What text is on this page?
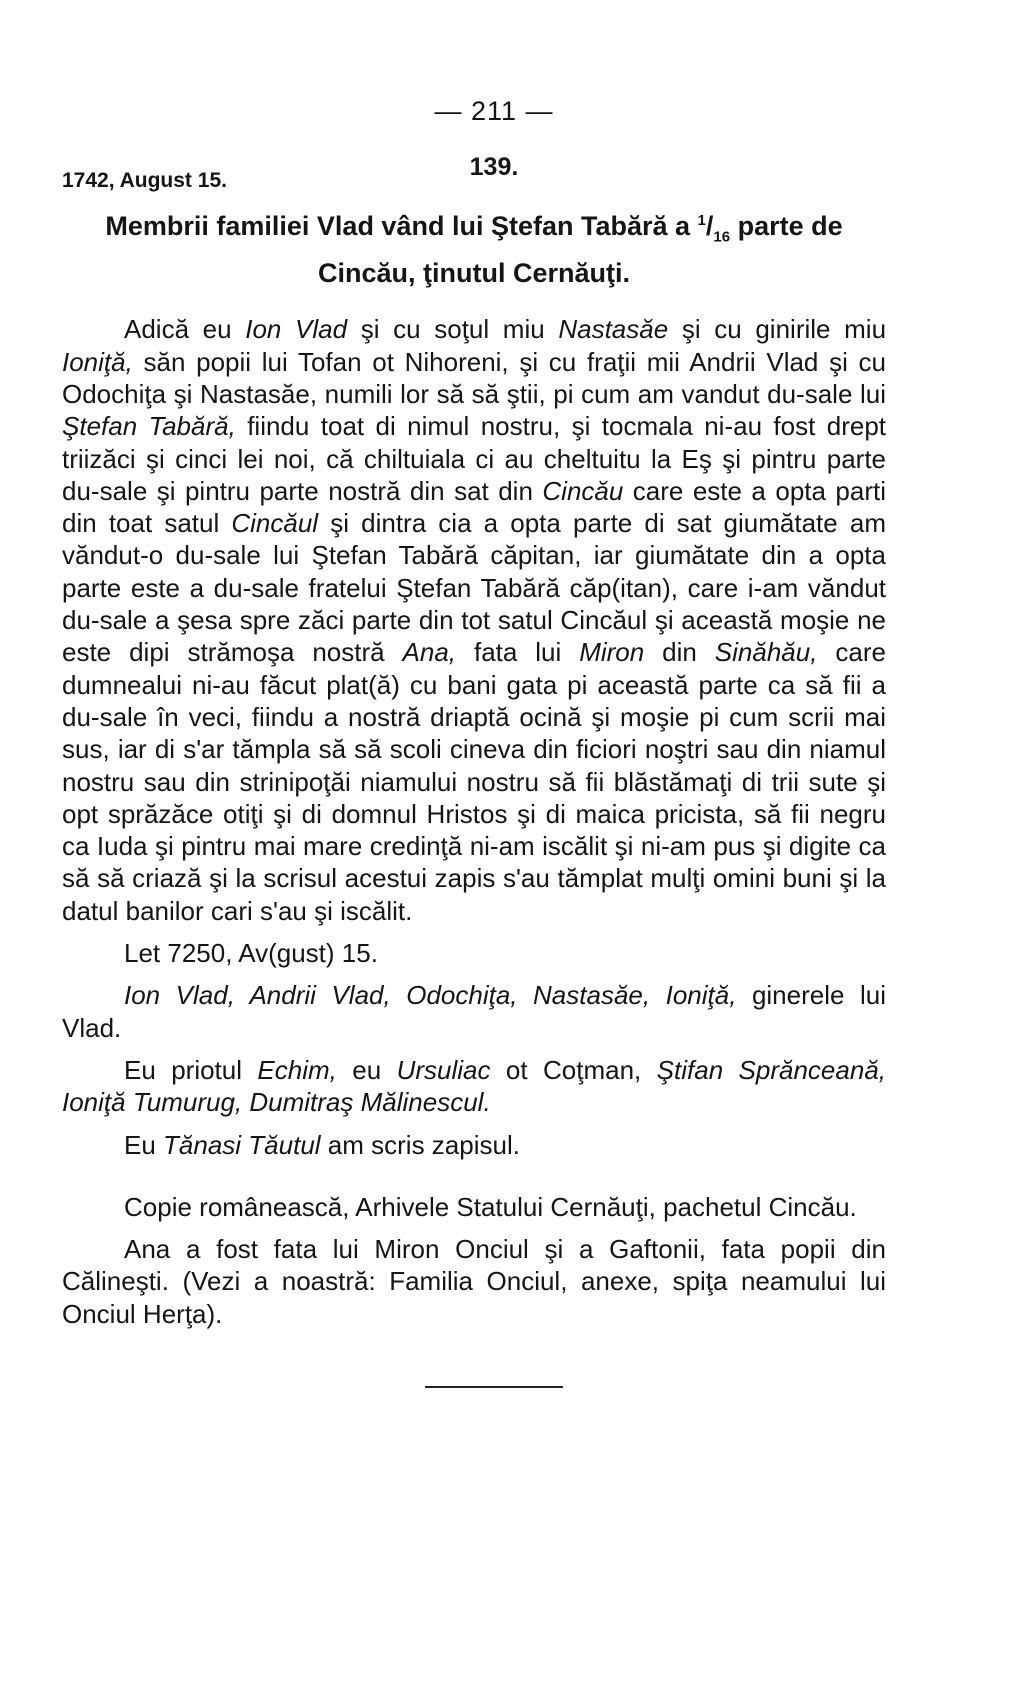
— 211 —
1742, August 15.	139.
Membrii familiei Vlad vând lui Ştefan Tabără a $^1/_{16}$ parte de
Cincău, ţinutul Cernăuţi.

Adică eu Ion Vlad şi cu soţul miu Nastasăe şi cu ginirile miu Ioniţă, săn popii lui Tofan ot Nihoreni, şi cu fraţii mii Andrii Vlad şi cu Odochiţa şi Nastasăe, numili lor să să ştii, pi cum am vandut du-sale lui Ştefan Tabără, fiindu toat di nimul nostru, şi tocmala ni-au fost drept triizăci şi cinci lei noi, că chiltuiala ci au cheltuitu la Eş şi pintru parte du-sale şi pintru parte nostră din sat din Cincău care este a opta parti din toat satul Cincăul şi dintra cia a opta parte di sat giumătate am văndut-o du-sale lui Ştefan Tabără căpitan, iar giumătate din a opta parte este a du-sale fratelui Ştefan Tabără căp(itan), care i-am văndut du-sale a şesa spre zăci parte din tot satul Cincăul şi această moşie ne este dipi strămoşa nostră Ana, fata lui Miron din Sinăhău, care dumnealui ni-au făcut plat(ă) cu bani gata pi această parte ca să fii a du-sale în veci, fiindu a nostră driaptă ocină şi moşie pi cum scrii mai sus, iar di s'ar tămpla să să scoli cineva din ficiori noştri sau din niamul nostru sau din strinipoţăi niamului nostru să fii blăstămaţi di trii sute şi opt sprăzăce otiţi şi di domnul Hristos şi di maica pricista, să fii negru ca Iuda şi pintru mai mare credinţă ni-am iscălit şi ni-am pus şi digite ca să să criază şi la scrisul acestui zapis s'au tămplat mulţi omini buni şi la datul banilor cari s'au şi iscălit.

Let 7250, Av(gust) 15.

Ion Vlad, Andrii Vlad, Odochiţa, Nastasăe, Ioniţă, ginerele lui Vlad.

Eu priotul Echim, eu Ursuliac ot Coţman, Ştifan Sprănceană, Ioniţă Tumurug, Dumitraş Mălinescul.

Eu Tănasi Tăutul am scris zapisul.

Copie românească, Arhivele Statului Cernăuţi, pachetul Cincău.

Ana a fost fata lui Miron Onciul şi a Gaftonii, fata popii din Călineşti. (Vezi a noastră: Familia Onciul, anexe, spiţa neamului lui Onciul Herţa).
